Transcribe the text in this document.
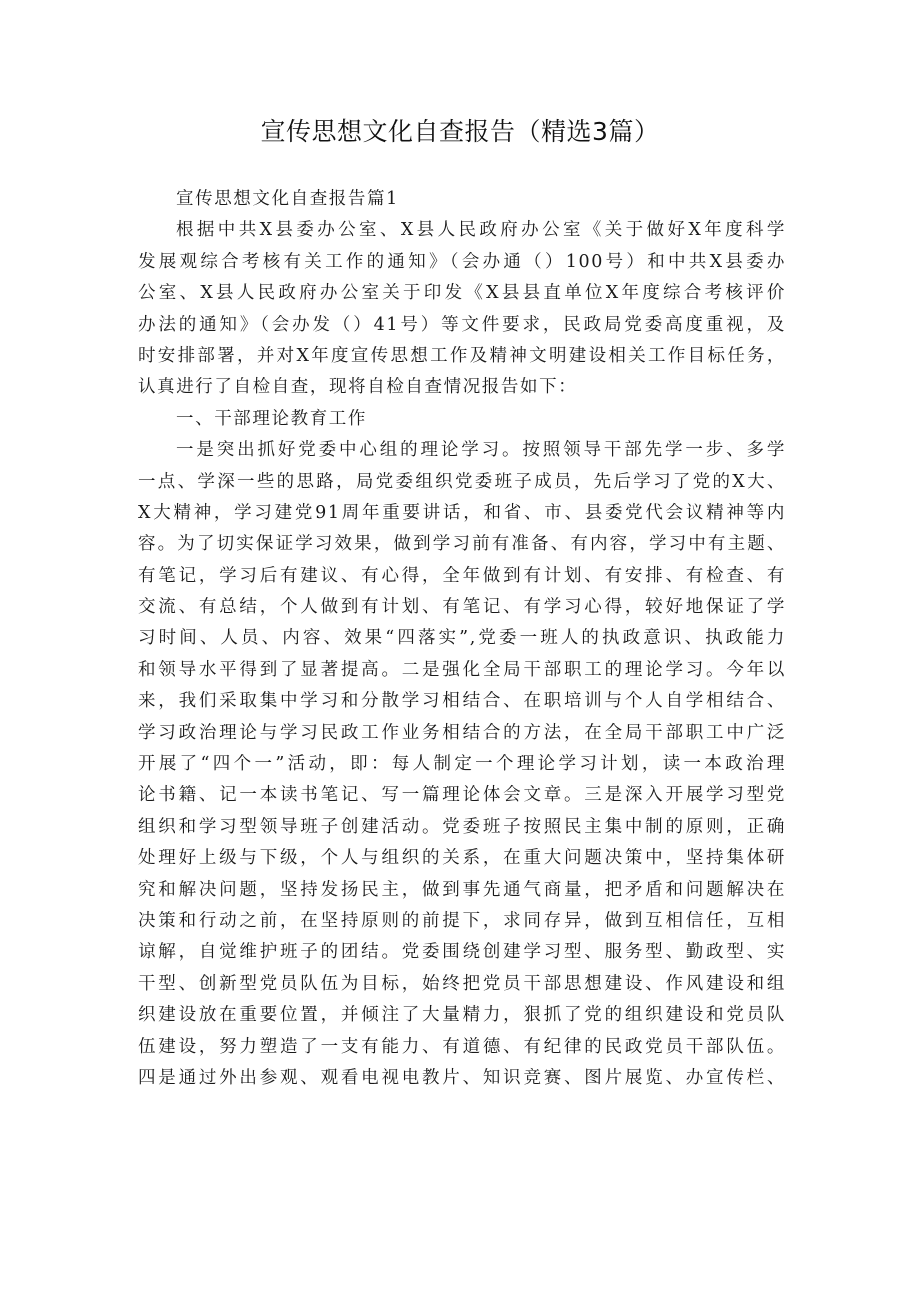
宣传思想文化自查报告（精选3篇）
宣传思想文化自查报告篇1
根据中共X县委办公室、X县人民政府办公室《关于做好X年度科学
发展观综合考核有关工作的通知》（会办通（）100号）和中共X县委办
公室、X县人民政府办公室关于印发《X县县直单位X年度综合考核评价
办法的通知》（会办发（）41号）等文件要求，民政局党委高度重视，及
时安排部署，并对X年度宣传思想工作及精神文明建设相关工作目标任务，
认真进行了自检自查，现将自检自查情况报告如下：
一、干部理论教育工作
一是突出抓好党委中心组的理论学习。按照领导干部先学一步、多学
一点、学深一些的思路，局党委组织党委班子成员，先后学习了党的X大、
X大精神，学习建党91周年重要讲话，和省、市、县委党代会议精神等内
容。为了切实保证学习效果，做到学习前有准备、有内容，学习中有主题、
有笔记，学习后有建议、有心得，全年做到有计划、有安排、有检查、有
交流、有总结，个人做到有计划、有笔记、有学习心得，较好地保证了学
习时间、人员、内容、效果“四落实”,党委一班人的执政意识、执政能力
和领导水平得到了显著提高。二是强化全局干部职工的理论学习。今年以
来，我们采取集中学习和分散学习相结合、在职培训与个人自学相结合、
学习政治理论与学习民政工作业务相结合的方法，在全局干部职工中广泛
开展了“四个一”活动，即：每人制定一个理论学习计划，读一本政治理
论书籍、记一本读书笔记、写一篇理论体会文章。三是深入开展学习型党
组织和学习型领导班子创建活动。党委班子按照民主集中制的原则，正确
处理好上级与下级，个人与组织的关系，在重大问题决策中，坚持集体研
究和解决问题，坚持发扬民主，做到事先通气商量，把矛盾和问题解决在
决策和行动之前，在坚持原则的前提下，求同存异，做到互相信任，互相
谅解，自觉维护班子的团结。党委围绕创建学习型、服务型、勤政型、实
干型、创新型党员队伍为目标，始终把党员干部思想建设、作风建设和组
织建设放在重要位置，并倾注了大量精力，狠抓了党的组织建设和党员队
伍建设，努力塑造了一支有能力、有道德、有纪律的民政党员干部队伍。
四是通过外出参观、观看电视电教片、知识竞赛、图片展览、办宣传栏、
